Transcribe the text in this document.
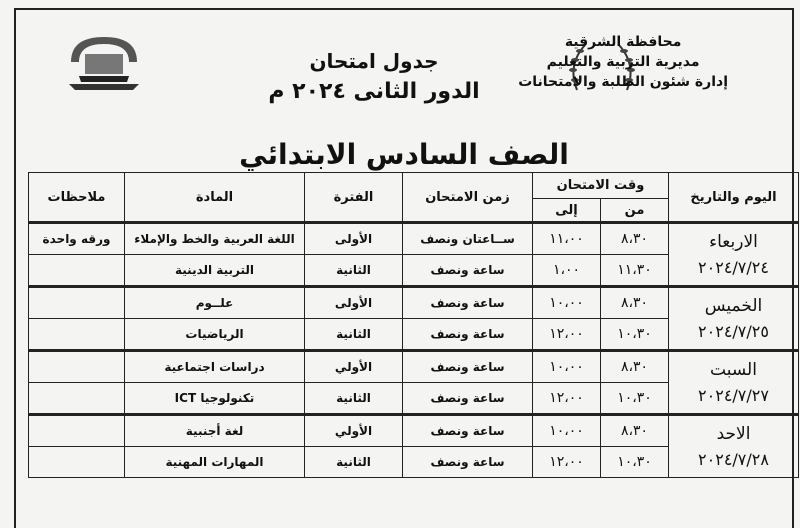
محافظة الشرقية
مديرية التربية والتعليم
إدارة شئون الطلبة والامتحانات
جدول امتحان
الدور الثانى ٢٠٢٤ م
الصف السادس الابتدائي
اليوم والتاريخ	وقت الامتحان		زمن الامتحان	الفترة	المادة	ملاحظات
	من	إلى				

الاربعاء
٢٠٢٤/٧/٢٤	٨،٣٠	١١،٠٠	ســاعتان ونصف	الأولى	اللغة العربية والخط والإملاء	ورقه واحدة
	١١،٣٠	١،٠٠	ساعة ونصف	الثانية	التربية الدينية	

الخميس
٢٠٢٤/٧/٢٥	٨،٣٠	١٠،٠٠	ساعة ونصف	الأولى	علــوم	
	١٠،٣٠	١٢،٠٠	ساعة ونصف	الثانية	الرياضيات	

السبت
٢٠٢٤/٧/٢٧	٨،٣٠	١٠،٠٠	ساعة ونصف	الأولي	دراسات اجتماعية	
	١٠،٣٠	١٢،٠٠	ساعة ونصف	الثانية	تكنولوجيا ICT	

الاحد
٢٠٢٤/٧/٢٨	٨،٣٠	١٠،٠٠	ساعة ونصف	الأولي	لغة أجنبية	
	١٠،٣٠	١٢،٠٠	ساعة ونصف	الثانية	المهارات المهنية	
